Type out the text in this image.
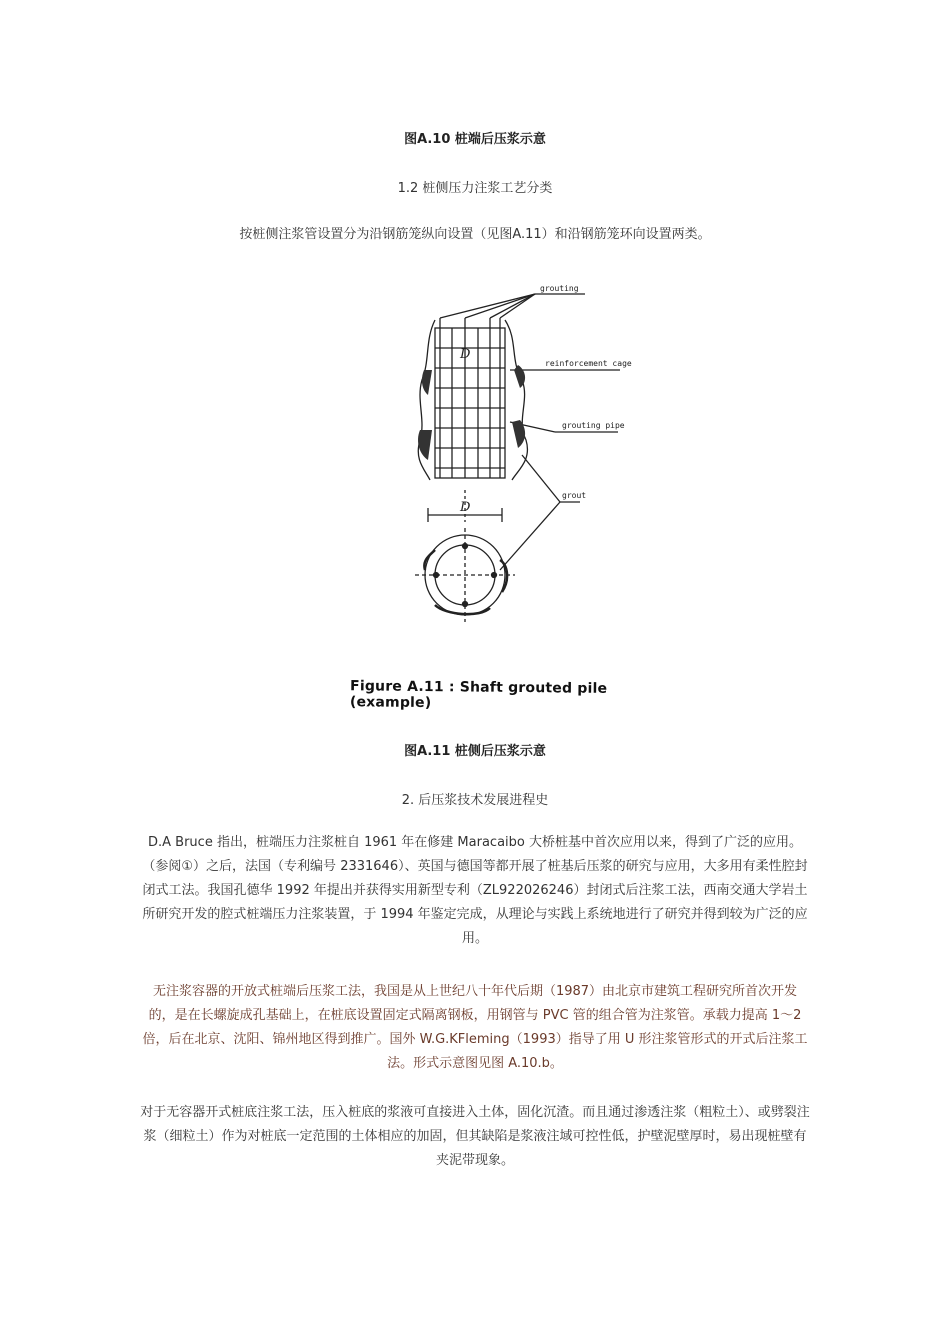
图A.10 桩端后压浆示意
1.2 桩侧压力注浆工艺分类
按桩侧注浆管设置分为沿钢筋笼纵向设置（见图A.11）和沿钢筋笼环向设置两类。
grouting
reinforcement cage
grouting pipe
grout
D
D
Figure A.11 : Shaft grouted pile (example)
图A.11 桩侧后压浆示意
2. 后压浆技术发展进程史
D.A Bruce 指出，桩端压力注浆桩自 1961 年在修建 Maracaibo 大桥桩基中首次应用以来，得到了广泛的应用。（参阅①）之后，法国（专利编号 2331646）、英国与德国等都开展了桩基后压浆的研究与应用，大多用有柔性腔封闭式工法。我国孔德华 1992 年提出并获得实用新型专利（ZL922026246）封闭式后注浆工法，西南交通大学岩土所研究开发的腔式桩端压力注浆装置，于 1994 年鉴定完成，从理论与实践上系统地进行了研究并得到较为广泛的应用。
无注浆容器的开放式桩端后压浆工法，我国是从上世纪八十年代后期（1987）由北京市建筑工程研究所首次开发的，是在长螺旋成孔基础上，在桩底设置固定式隔离钢板，用钢管与 PVC 管的组合管为注浆管。承载力提高 1～2 倍，后在北京、沈阳、锦州地区得到推广。国外 W.G.KFleming（1993）指导了用 U 形注浆管形式的开式后注浆工法。形式示意图见图 A.10.b。
对于无容器开式桩底注浆工法，压入桩底的浆液可直接进入土体，固化沉渣。而且通过渗透注浆（粗粒土）、或劈裂注浆（细粒土）作为对桩底一定范围的土体相应的加固，但其缺陷是浆液注域可控性低，护壁泥壁厚时，易出现桩壁有夹泥带现象。
